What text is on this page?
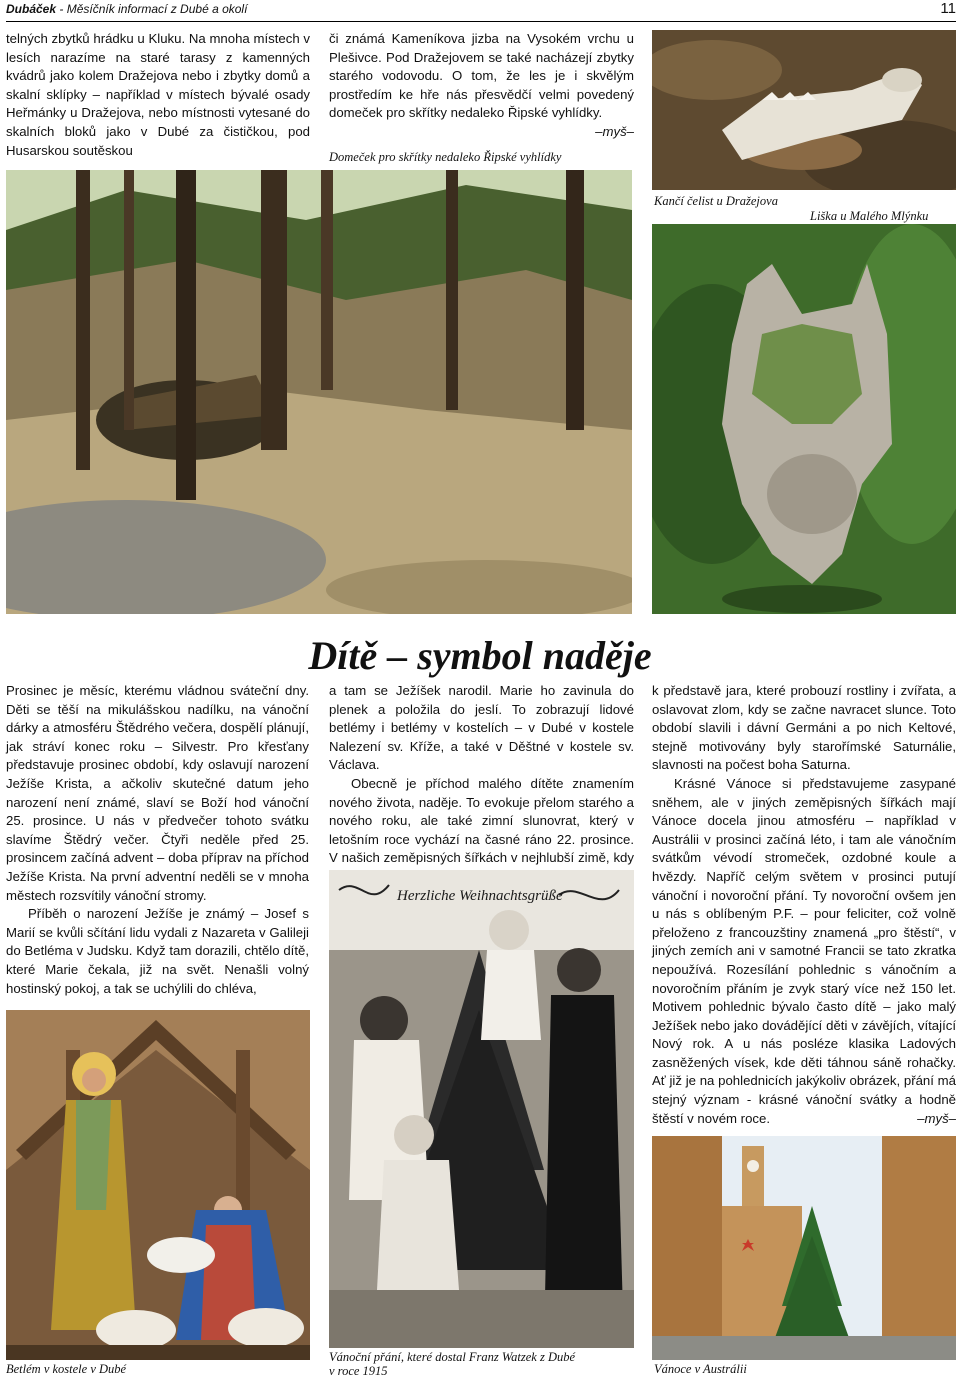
Dubáček - Měsíčník informací z Dubé a okolí	11

telných zbytků hrádku u Kluku. Na mnoha místech v lesích narazíme na staré tarasy z kamenných kvádrů jako kolem Dražejova nebo i zbytky domů a skalní sklípky – například v místech bývalé osady Heřmánky u Dražejova, nebo místnosti vytesané do skalních bloků jako v Dubé za čističkou, pod Husarskou soutěskou

či známá Kameníkova jizba na Vysokém vrchu u Plešivce. Pod Dražejovem se také nacházejí zbytky starého vodovodu. O tom, že les je i skvělým prostředím ke hře nás přesvědčí velmi povedený domeček pro skřítky nedaleko Řipské vyhlídky.
–myš–

Domeček pro skřítky nedaleko Řipské vyhlídky
Kančí čelist u Dražejova
Liška u Malého Mlýnku
Dítě – symbol naděje

Prosinec je měsíc, kterému vládnou sváteční dny. Děti se těší na mikulášskou nadílku, na vánoční dárky a atmosféru Štědrého večera, dospělí plánují, jak stráví konec roku – Silvestr. Pro křesťany představuje prosinec období, kdy oslavují narození Ježíše Krista, a ačkoliv skutečné datum jeho narození není známé, slaví se Boží hod vánoční 25. prosince. U nás v předvečer tohoto svátku slavíme Štědrý večer. Čtyři neděle před 25. prosincem začíná advent – doba příprav na příchod Ježíše Krista. Na první adventní neděli se v mnoha městech rozsvítily vánoční stromy.

Příběh o narození Ježíše je známý – Josef s Marií se kvůli sčítání lidu vydali z Nazareta v Galileji do Betléma v Judsku. Když tam dorazili, chtělo dítě, které Marie čekala, již na svět. Nenašli volný hostinský pokoj, a tak se uchýlili do chléva,

Betlém v kostele v Dubé

a tam se Ježíšek narodil. Marie ho zavinula do plenek a položila do jeslí. To zobrazují lidové betlémy i betlémy v kostelích – v Dubé v kostele Nalezení sv. Kříže, a také v Děštné v kostele sv. Václava.

Obecně je příchod malého dítěte znamením nového života, naděje. To evokuje přelom starého a nového roku, ale také zimní slunovrat, který v letošním roce vychází na časné ráno 22. prosince. V našich zeměpisných šířkách v nejhlubší zimě, kdy

Herzliche Weihnachtsgrüße
Vánoční přání, které dostal Franz Watzek z Dubé
v roce 1915

k představě jara, které probouzí rostliny i zvířata, a oslavovat zlom, kdy se začne navracet slunce. Toto období slavili i dávní Germáni a po nich Keltové, stejně motivovány byly starořímské Saturnálie, slavnosti na počest boha Saturna.

Krásné Vánoce si představujeme zasypané sněhem, ale v jiných zeměpisných šířkách mají Vánoce docela jinou atmosféru – například v Austrálii v prosinci začíná léto, i tam ale vánočním svátkům vévodí stromeček, ozdobné koule a hvězdy. Napříč celým světem v prosinci putují vánoční i novoroční přání. Ty novoroční ovšem jen u nás s oblíbeným P.F. – pour feliciter, což volně přeloženo z francouzštiny znamená „pro štěstí“, v jiných zemích ani v samotné Francii se tato zkratka nepoužívá. Rozesílání pohlednic s vánočním a novoročním přáním je zvyk starý více než 150 let. Motivem pohlednic bývalo často dítě – jako malý Ježíšek nebo jako dovádějící děti v závějích, vítající Nový rok. A u nás posléze klasika Ladových zasněžených vísek, kde děti táhnou sáně rohačky. Ať již je na pohlednicích jakýkoliv obrázek, přání má stejný význam - krásné vánoční svátky a hodně štěstí v novém roce.	–myš–

Vánoce v Austrálii
